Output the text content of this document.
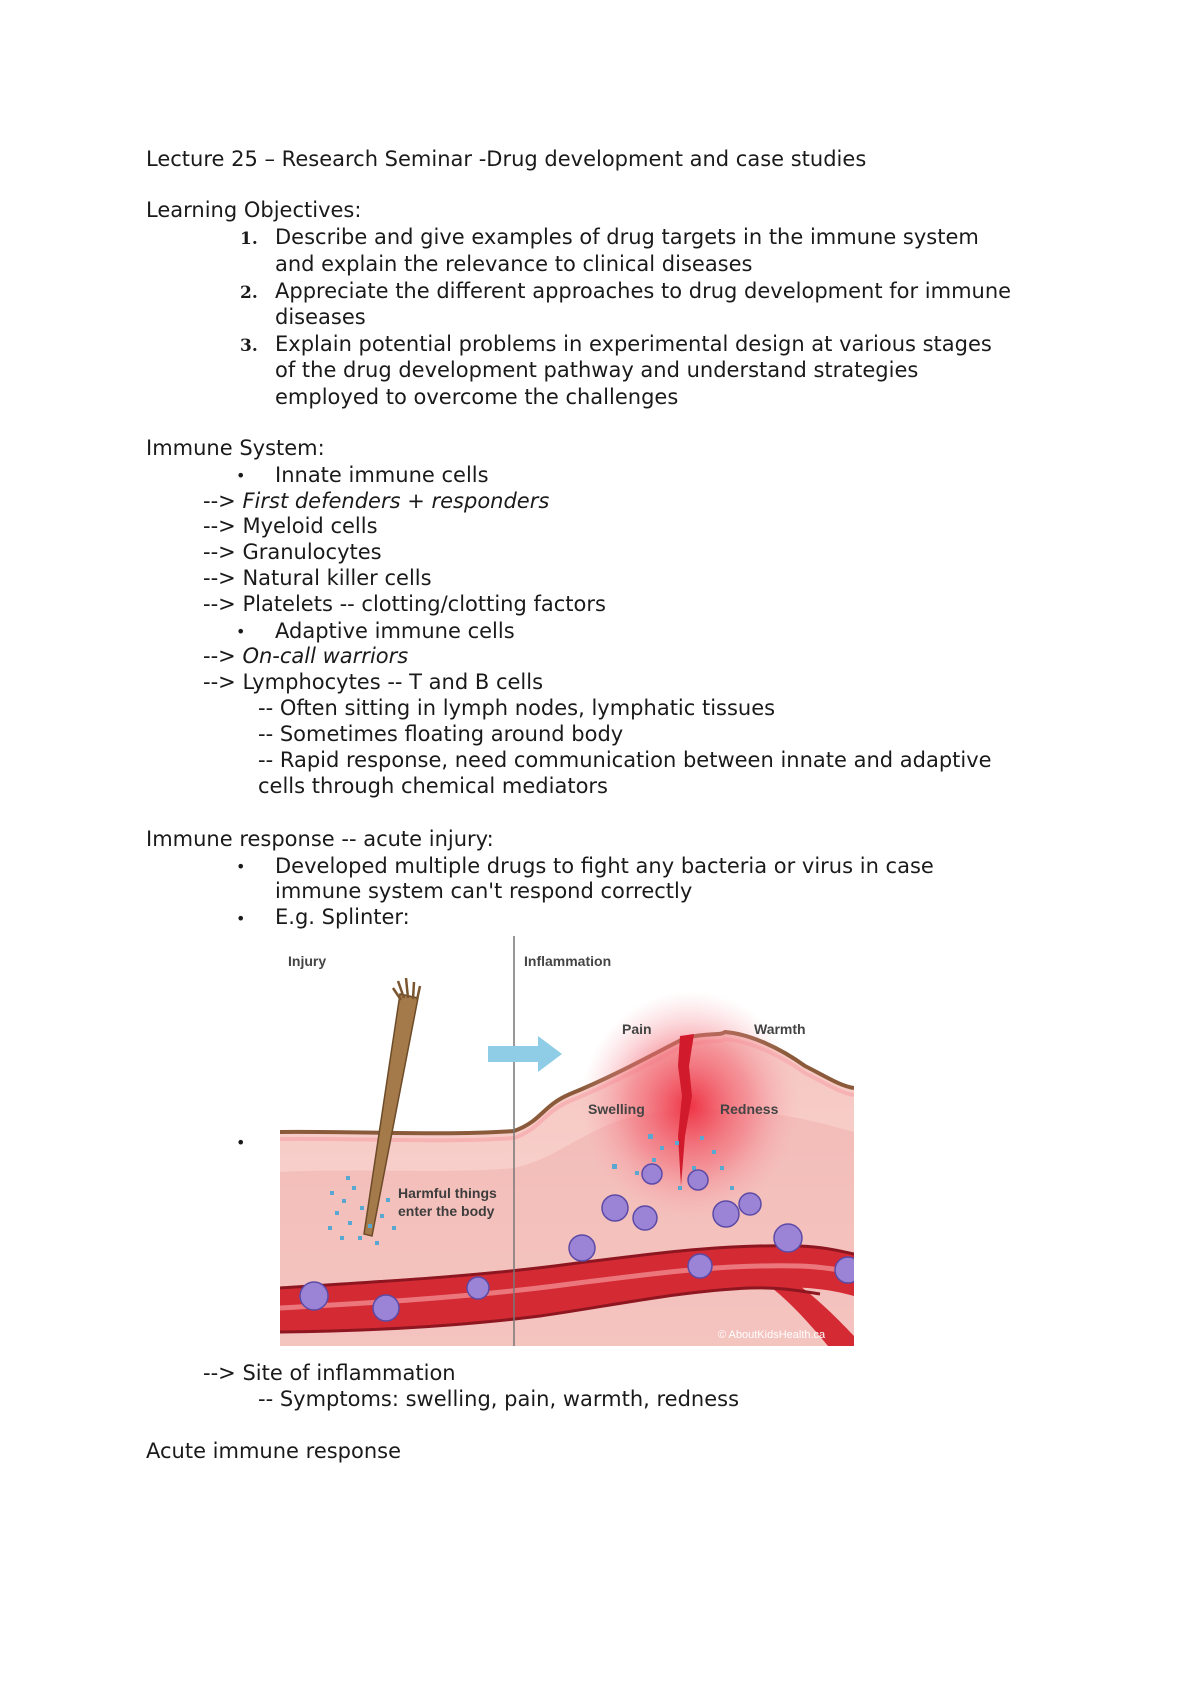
Lecture 25 – Research Seminar -Drug development and case studies
Learning Objectives:
1. Describe and give examples of drug targets in the immune system
and explain the relevance to clinical diseases
2. Appreciate the different approaches to drug development for immune
diseases
3. Explain potential problems in experimental design at various stages
of the drug development pathway and understand strategies
employed to overcome the challenges
Immune System:
• Innate immune cells
--> First defenders + responders
--> Myeloid cells
--> Granulocytes
--> Natural killer cells
--> Platelets -- clotting/clotting factors
• Adaptive immune cells
--> On-call warriors
--> Lymphocytes -- T and B cells
-- Often sitting in lymph nodes, lymphatic tissues
-- Sometimes floating around body
-- Rapid response, need communication between innate and adaptive
cells through chemical mediators
Immune response -- acute injury:
• Developed multiple drugs to fight any bacteria or virus in case
immune system can't respond correctly
• E.g. Splinter:
•
Injury	Inflammation
Pain	Warmth
Swelling	Redness
Harmful things
enter the body
© AboutKidsHealth.ca
--> Site of inflammation
-- Symptoms: swelling, pain, warmth, redness
Acute immune response
